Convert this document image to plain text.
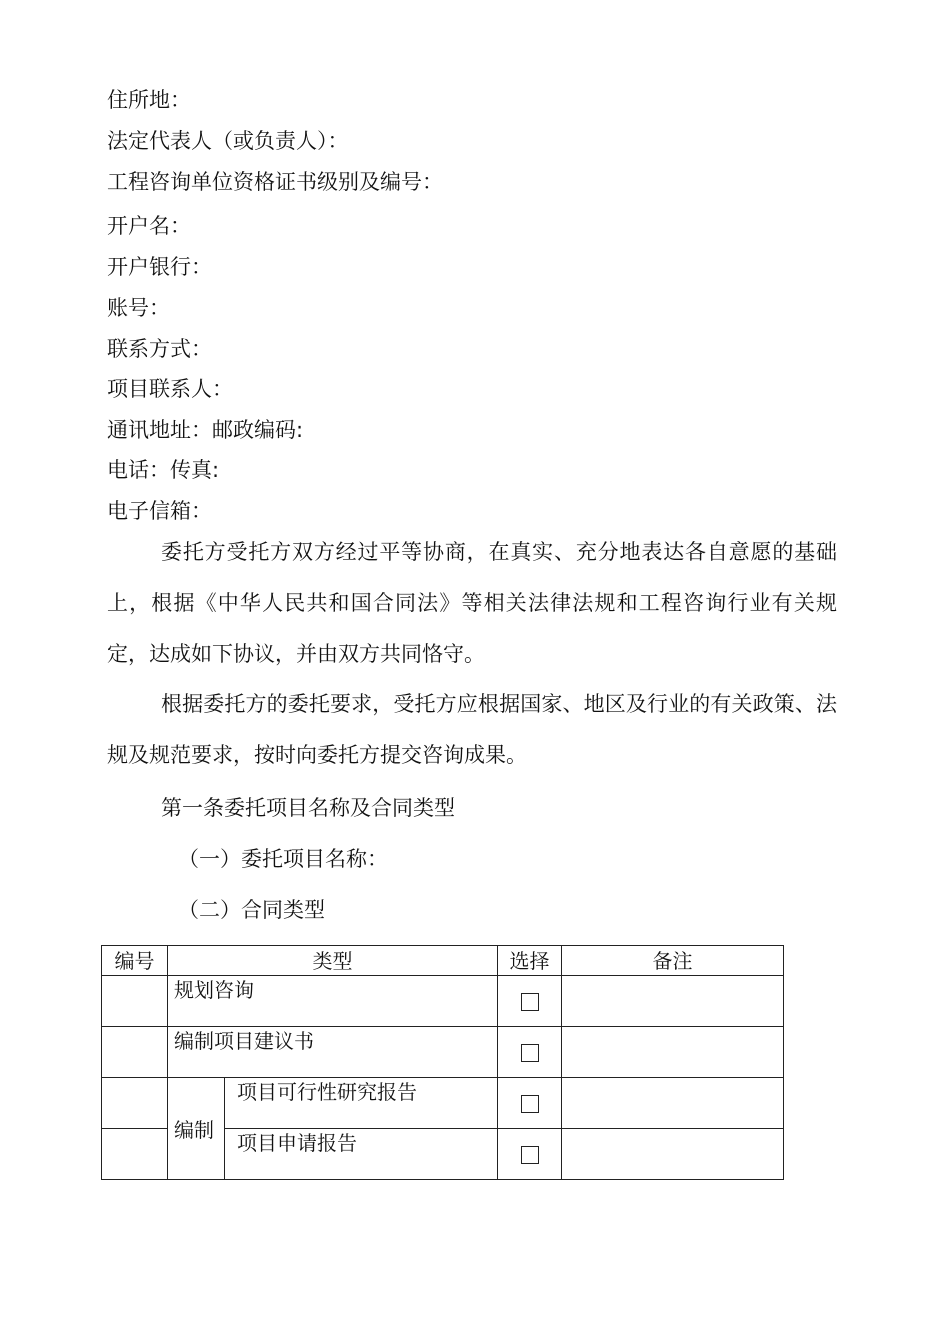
住所地：
法定代表人（或负责人）：
工程咨询单位资格证书级别及编号：
开户名：
开户银行：
账号：
联系方式：
项目联系人：
通讯地址：邮政编码:
电话：传真:
电子信箱：

委托方受托方双方经过平等协商，在真实、充分地表达各自意愿的基础上，根据《中华人民共和国合同法》等相关法律法规和工程咨询行业有关规定，达成如下协议，并由双方共同恪守。

根据委托方的委托要求，受托方应根据国家、地区及行业的有关政策、法规及规范要求，按时向委托方提交咨询成果。

第一条委托项目名称及合同类型
（一）委托项目名称：
（二）合同类型
编号	类型		选择	备注

	规划咨询			

	编制项目建议书			

	编制	项目可行性研究报告		

		项目申请报告		
